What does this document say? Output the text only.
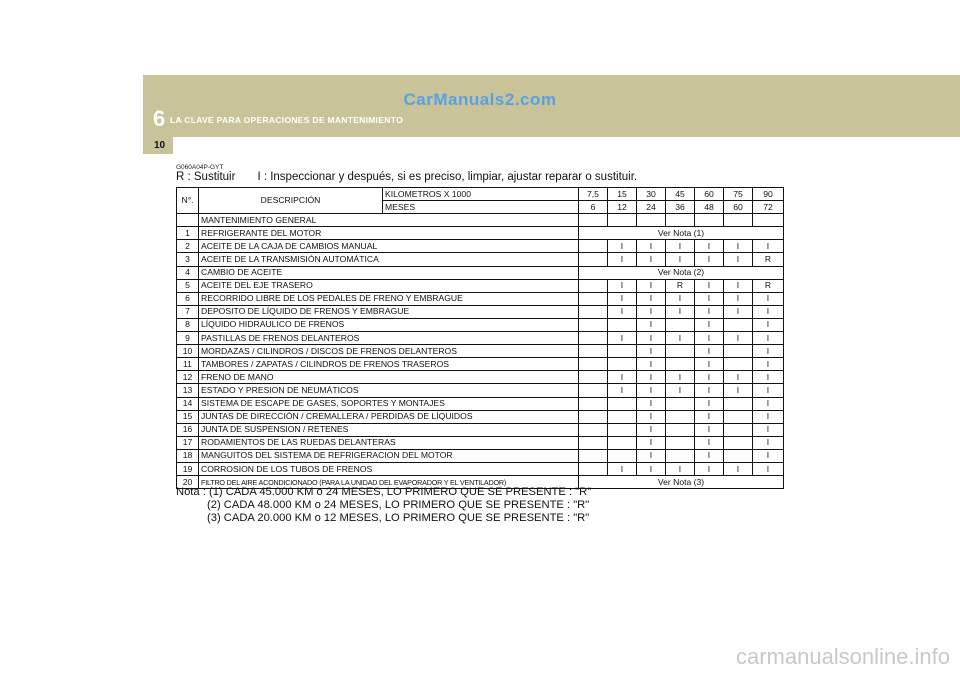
6 LA CLAVE PARA OPERACIONES DE MANTENIMIENTO
CarManuals2.com
10
G060A04P-GYT
R : Sustituir I : Inspeccionar y después, si es preciso, limpiar, ajustar reparar o sustituir.
N°.	DESCRIPCIÓN	KILOMETROS X 1000	7,5	15	30	45	60	75	90
		MESES	6	12	24	36	48	60	72
	MANTENIMIENTO GENERAL								
1	REFRIGERANTE DEL MOTOR		Ver Nota (1)						
2	ACEITE DE LA CAJA DE CAMBIOS MANUAL			I	I	I	I	I	I
3	ACEITE DE LA TRANSMISIÓN AUTOMÁTICA			I	I	I	I	I	R
4	CAMBIO DE ACEITE		Ver Nota (2)						
5	ACEITE DEL EJE TRASERO			I	I	R	I	I	R
6	RECORRIDO LIBRE DE LOS PEDALES DE FRENO Y EMBRAGUE			I	I	I	I	I	I
7	DEPOSITO DE LÍQUIDO DE FRENOS Y EMBRAGUE			I	I	I	I	I	I
8	LÍQUIDO HIDRAULICO DE FRENOS				I		I		I
9	PASTILLAS DE FRENOS DELANTEROS			I	I	I	I	I	I
10	MORDAZAS / CILINDROS / DISCOS DE FRENOS DELANTEROS				I		I		I
11	TAMBORES / ZAPATAS / CILINDROS DE FRENOS TRASEROS				I		I		I
12	FRENO DE MANO			I	I	I	I	I	I
13	ESTADO Y PRESION DE NEUMÁTICOS			I	I	I	I	I	I
14	SISTEMA DE ESCAPE DE GASES, SOPORTES Y MONTAJES				I		I		I
15	JUNTAS DE DIRECCIÓN / CREMALLERA / PERDIDAS DE LÍQUIDOS				I		I		I
16	JUNTA DE SUSPENSION / RETENES				I		I		I
17	RODAMIENTOS DE LAS RUEDAS DELANTERAS				I		I		I
18	MANGUITOS DEL SISTEMA DE REFRIGERACION DEL MOTOR				I		I		I
19	CORROSION DE LOS TUBOS DE FRENOS			I	I	I	I	I	I
20	FILTRO DEL AIRE ACONDICIONADO (PARA LA UNIDAD DEL EVAPORADOR Y EL VENTILADOR)		Ver Nota (3)						
Nota : (1) CADA 45.000 KM o 24 MESES, LO PRIMERO QUE SE PRESENTE : "R"
(2) CADA 48.000 KM o 24 MESES, LO PRIMERO QUE SE PRESENTE : "R"
(3) CADA 20.000 KM o 12 MESES, LO PRIMERO QUE SE PRESENTE : "R"
carmanualsonline.info
